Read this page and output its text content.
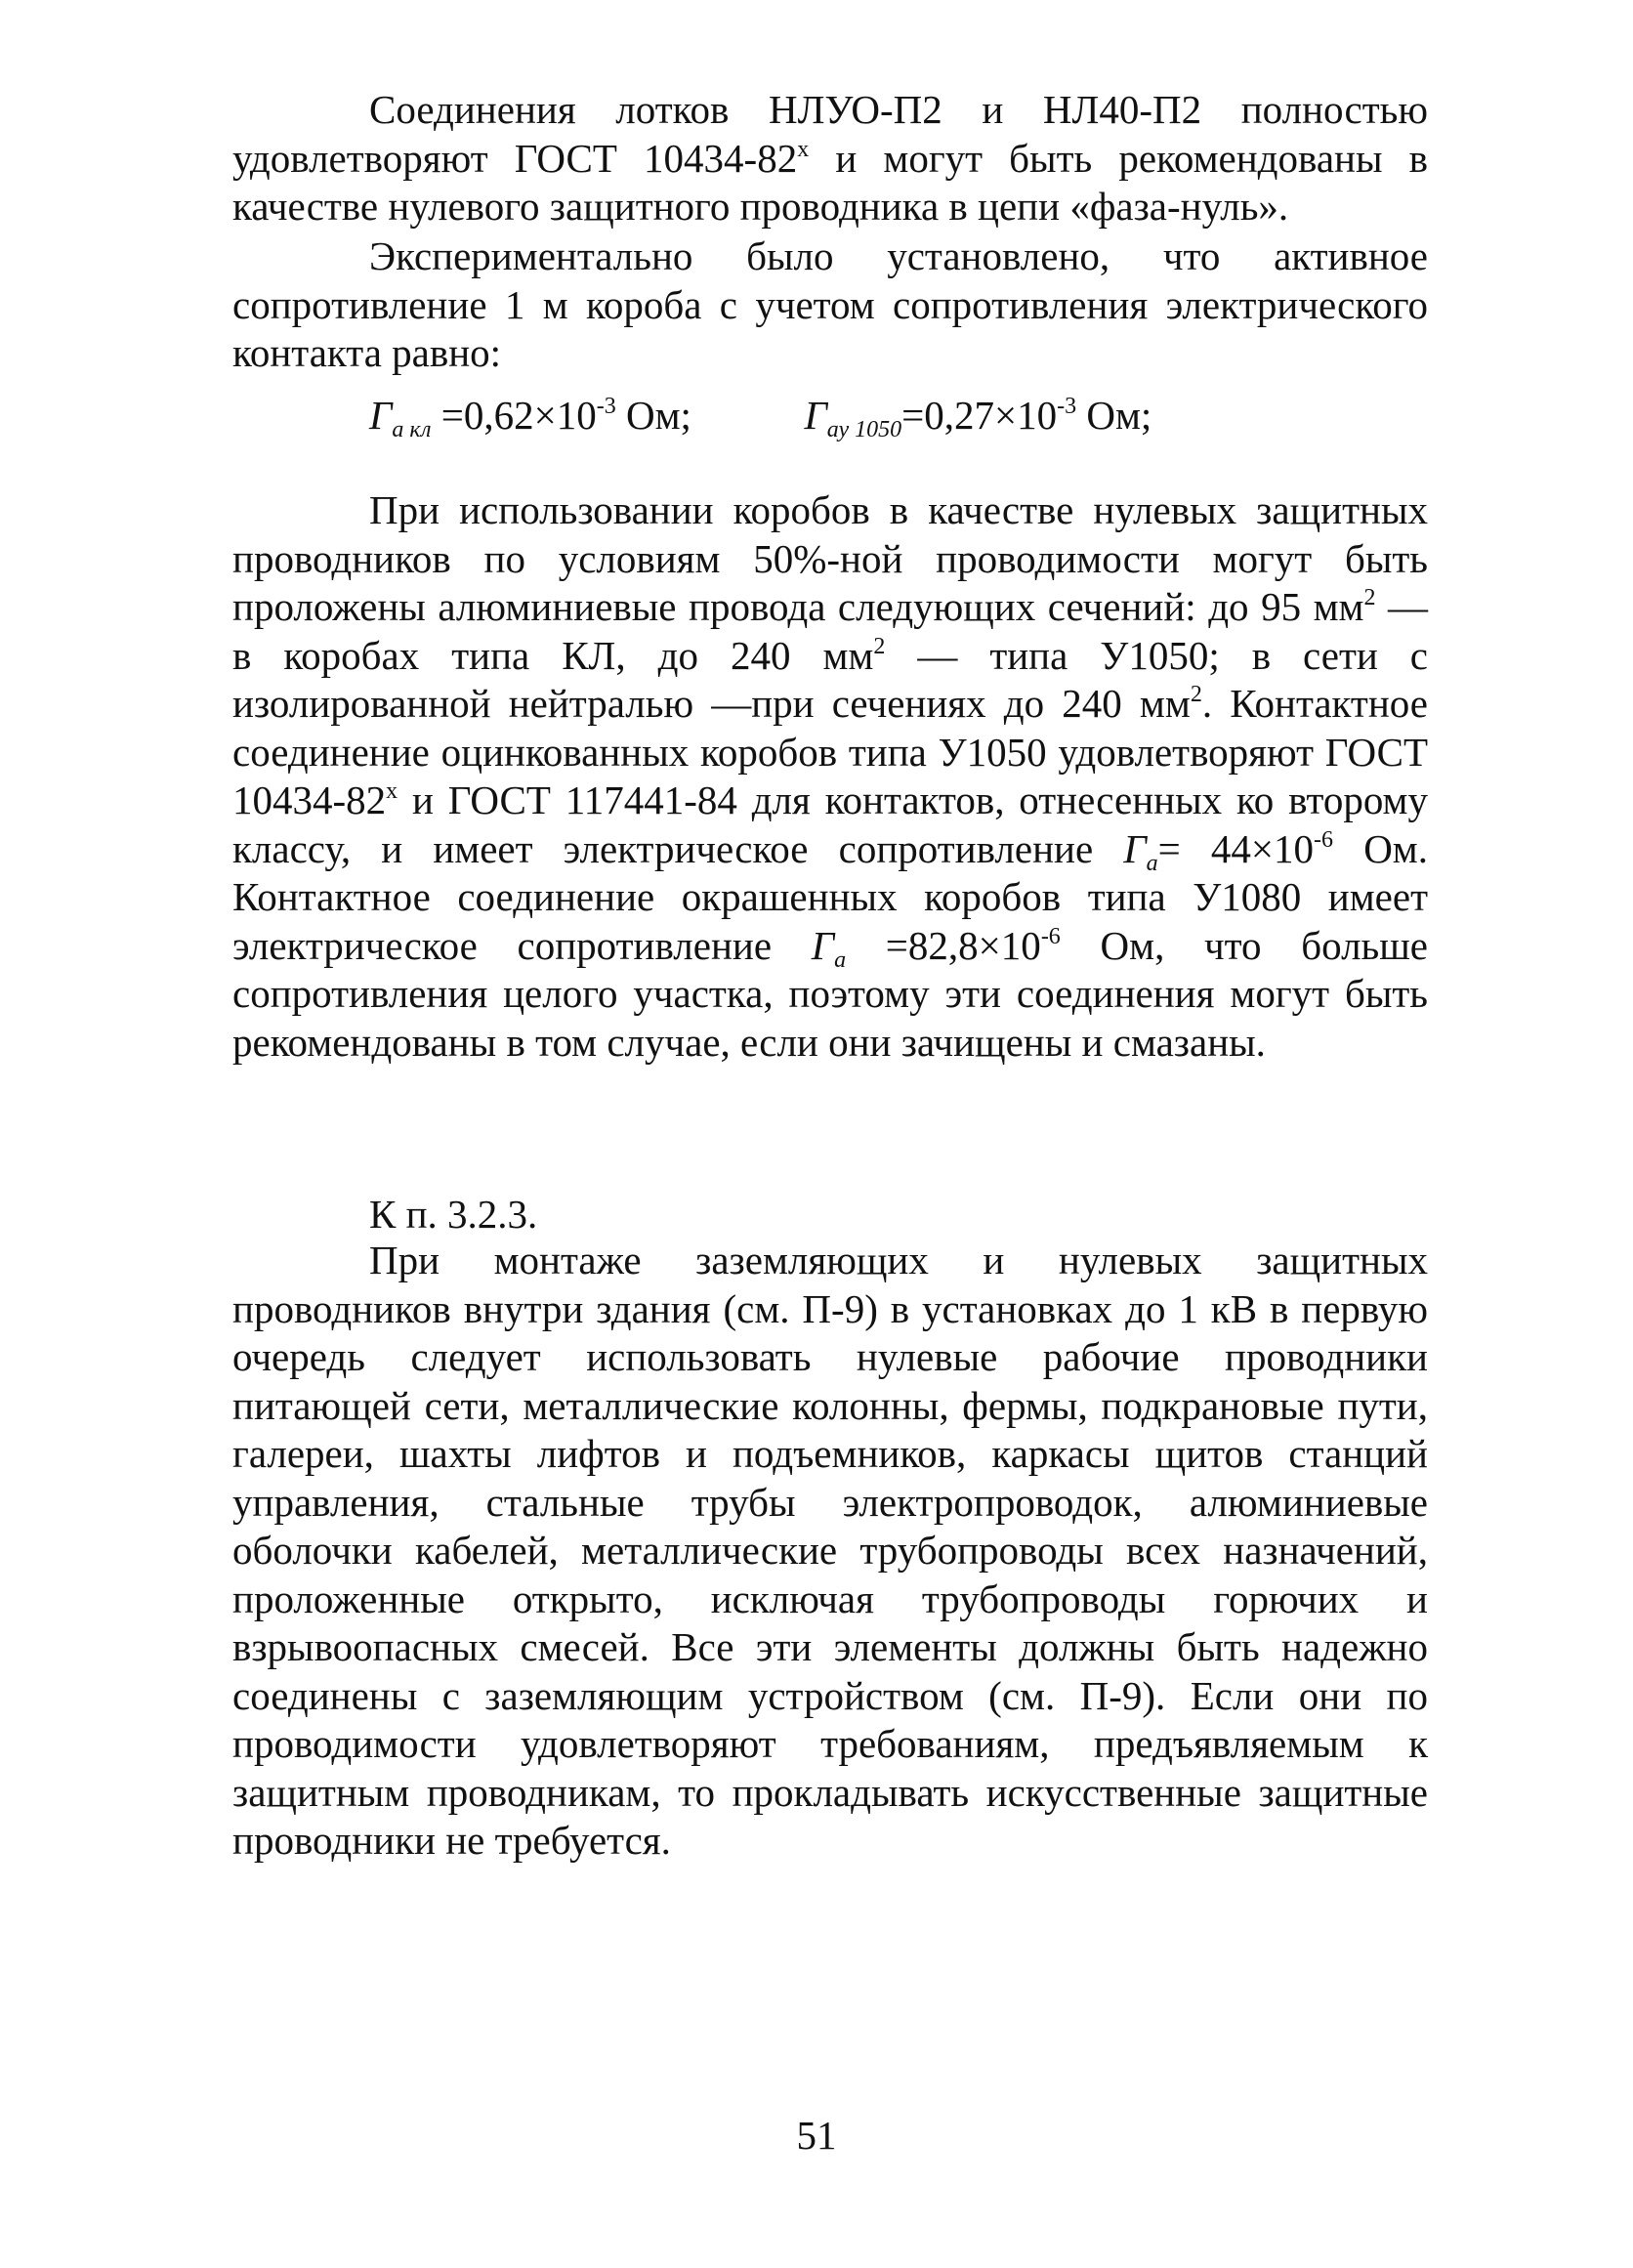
Соединения лотков НЛУО-П2 и НЛ40-П2 полностью удовлетворяют ГОСТ $10434-82^х$ и могут быть рекомендованы в качестве нулевого защитного проводника в цепи «фаза-нуль».

Экспериментально было установлено, что активное сопротивление 1 м короба с учетом сопротивления электрического контакта равно:

$Г_{а кл} =0,62\times 10^{-3}$ Ом;	$Г_{ау 1050}=0,27\times 10^{-3}$ Ом;

При использовании коробов в качестве нулевых защитных проводников по условиям 50%-ной проводимости могут быть проложены алюминиевые провода следующих сечений: до 95 $мм^2$ — в коробах типа КЛ, до 240 $мм^2$ — типа У1050; в сети с изолированной нейтралью —при сечениях до 240 $мм^2$. Контактное соединение оцинкованных коробов типа У1050 удовлетворяют ГОСТ $10434-82^х$ и ГОСТ 117441-84 для контактов, отнесенных ко второму классу, и имеет электрическое сопротивление $Г_а= 44\times 10^{-6}$ Ом. Контактное соединение окрашенных коробов типа У1080 имеет электрическое сопротивление $Г_а =82,8\times 10^{-6}$ Ом, что больше сопротивления целого участка, поэтому эти соединения могут быть рекомендованы в том случае, если они зачищены и смазаны.

К п. 3.2.3.

При монтаже заземляющих и нулевых защитных проводников внутри здания (см. П-9) в установках до 1 кВ в первую очередь следует использовать нулевые рабочие проводники питающей сети, металлические колонны, фермы, подкрановые пути, галереи, шахты лифтов и подъемников, каркасы щитов станций управления, стальные трубы электропроводок, алюминиевые оболочки кабелей, металлические трубопроводы всех назначений, проложенные открыто, исключая трубопроводы горючих и взрывоопасных смесей. Все эти элементы должны быть надежно соединены с заземляющим устройством (см. П-9). Если они по проводимости удовлетворяют требованиям, предъявляемым к защитным проводникам, то прокладывать искусственные защитные проводники не требуется.

51
